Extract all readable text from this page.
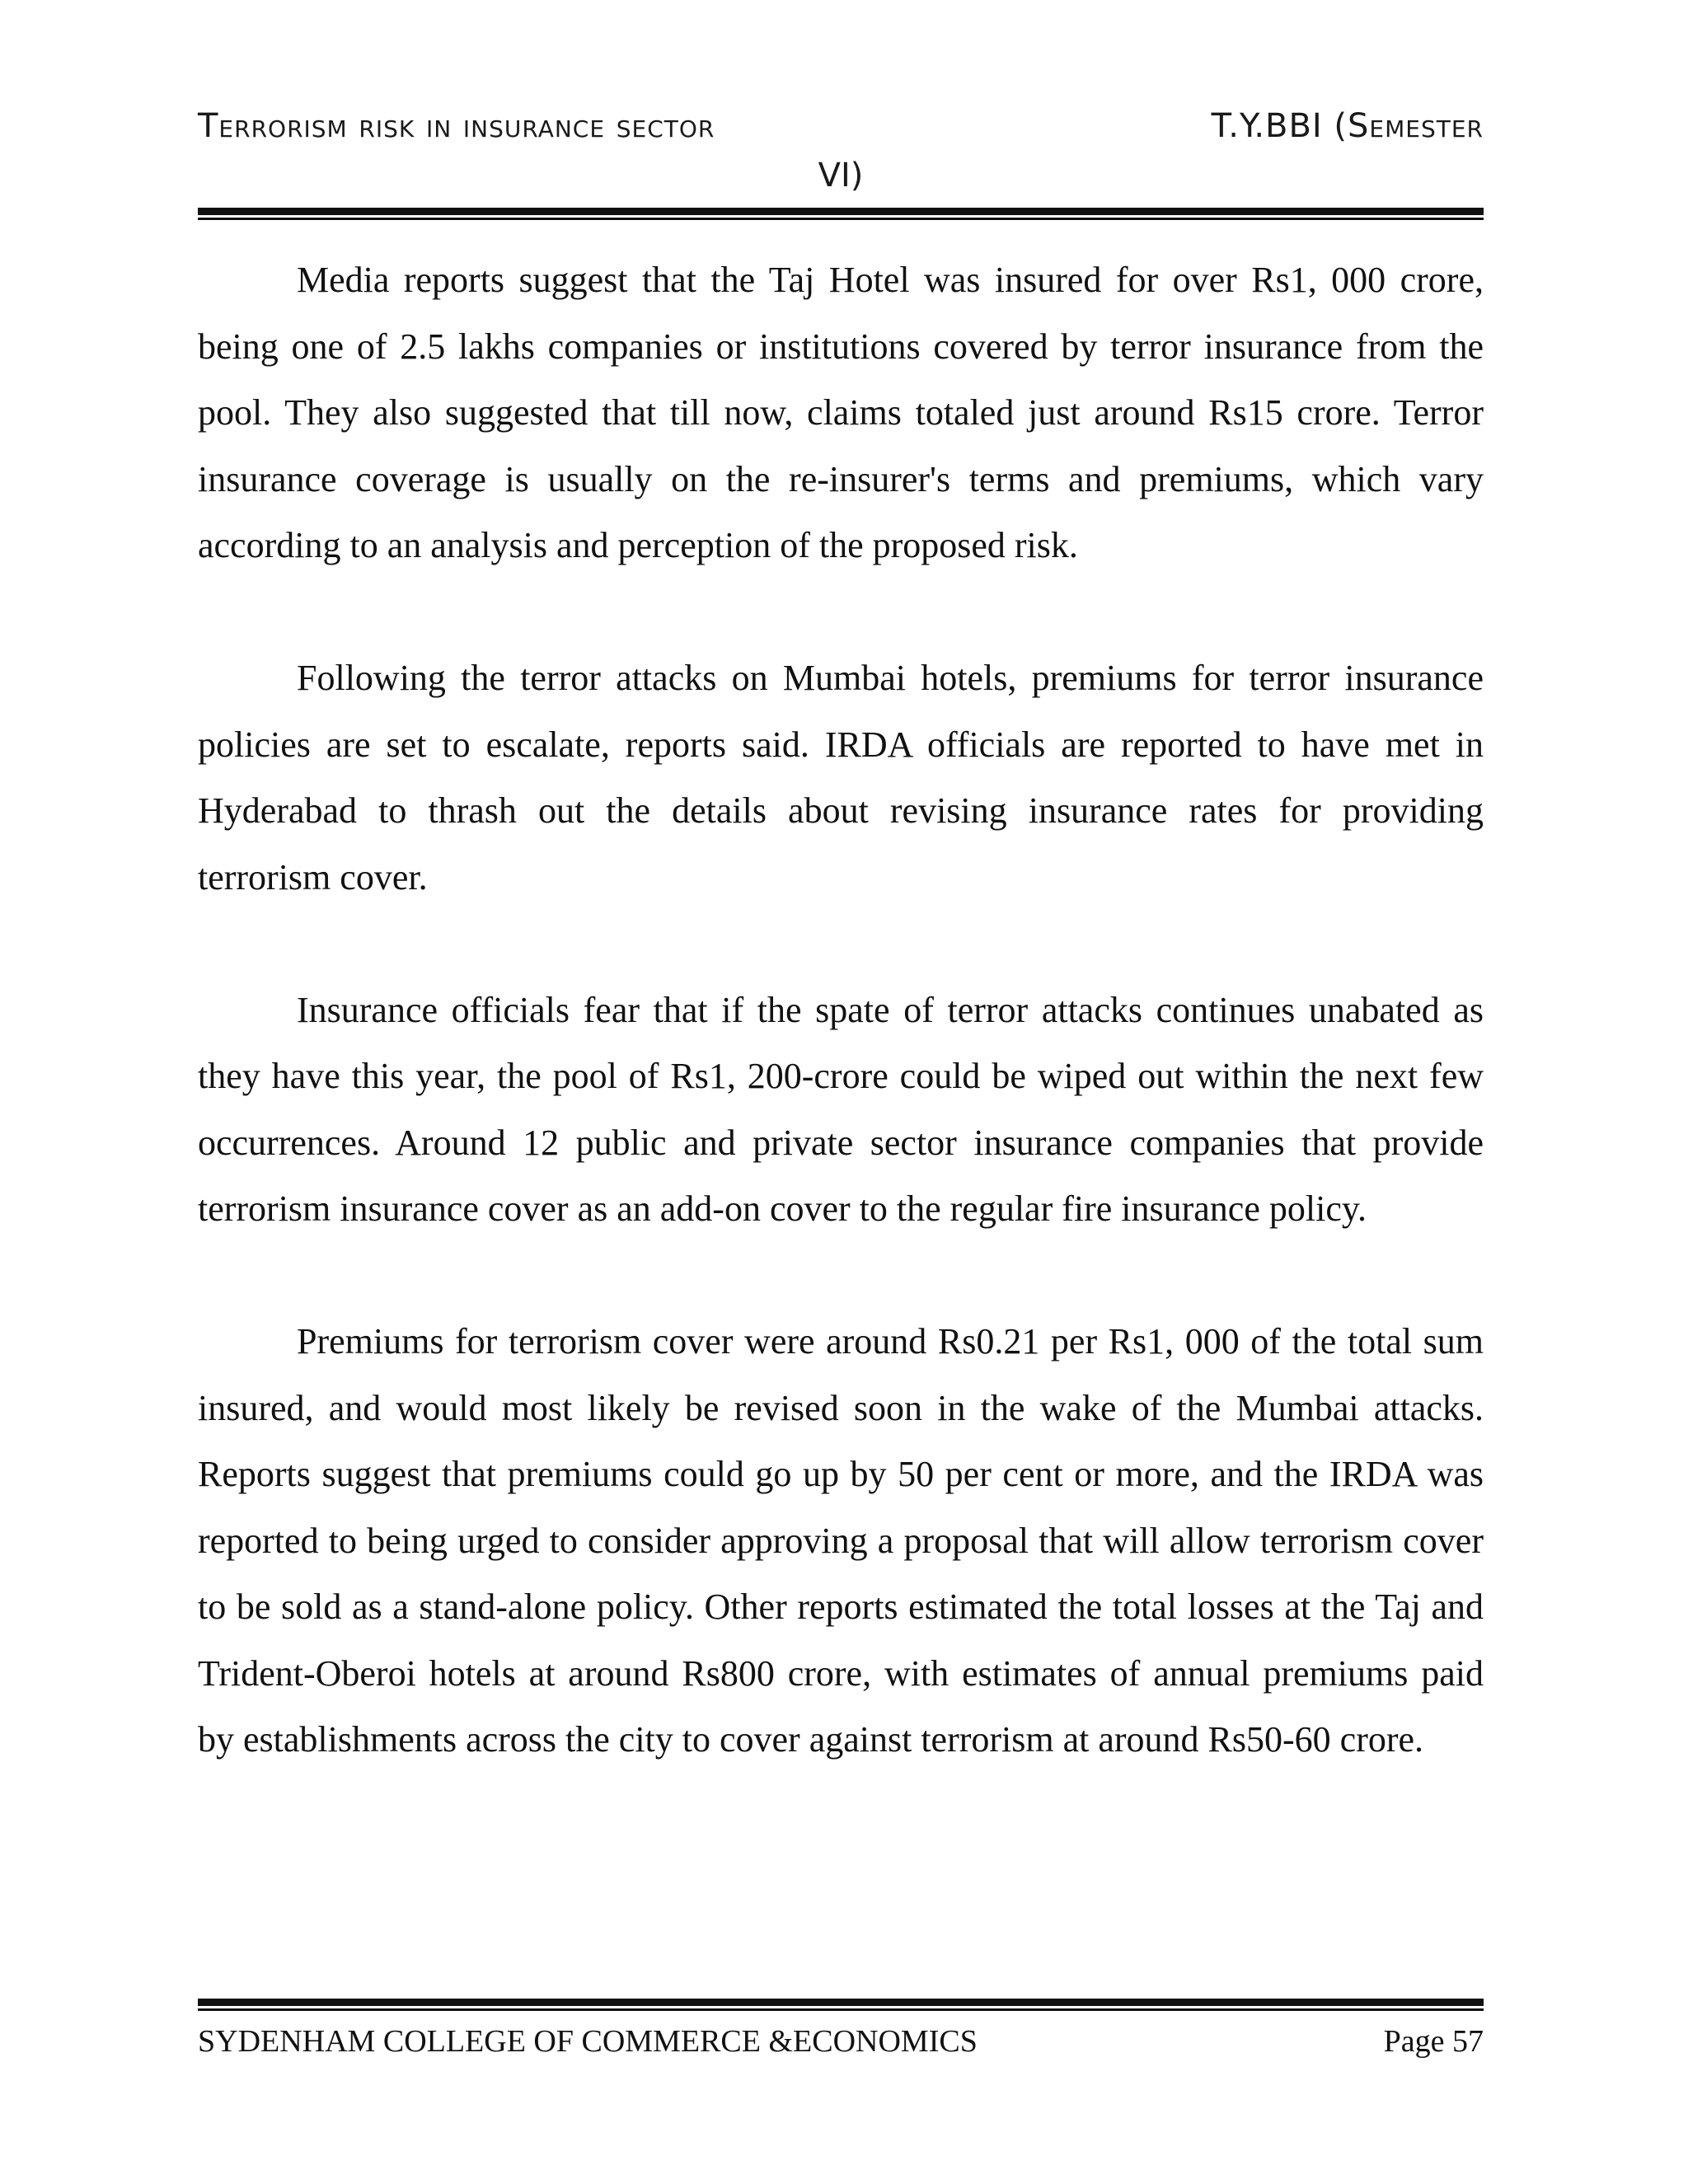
Terrorism risk in insurance sector	T.Y.BBI (Semester
VI)

Media reports suggest that the Taj Hotel was insured for over Rs1, 000 crore, being one of 2.5 lakhs companies or institutions covered by terror insurance from the pool. They also suggested that till now, claims totaled just around Rs15 crore. Terror insurance coverage is usually on the re-insurer's terms and premiums, which vary according to an analysis and perception of the proposed risk.

Following the terror attacks on Mumbai hotels, premiums for terror insurance policies are set to escalate, reports said. IRDA officials are reported to have met in Hyderabad to thrash out the details about revising insurance rates for providing terrorism cover.

Insurance officials fear that if the spate of terror attacks continues unabated as they have this year, the pool of Rs1, 200-crore could be wiped out within the next few occurrences. Around 12 public and private sector insurance companies that provide terrorism insurance cover as an add-on cover to the regular fire insurance policy.

Premiums for terrorism cover were around Rs0.21 per Rs1, 000 of the total sum insured, and would most likely be revised soon in the wake of the Mumbai attacks. Reports suggest that premiums could go up by 50 per cent or more, and the IRDA was reported to being urged to consider approving a proposal that will allow terrorism cover to be sold as a stand-alone policy. Other reports estimated the total losses at the Taj and Trident-Oberoi hotels at around Rs800 crore, with estimates of annual premiums paid by establishments across the city to cover against terrorism at around Rs50-60 crore.

SYDENHAM COLLEGE OF COMMERCE &ECONOMICS	Page 57
